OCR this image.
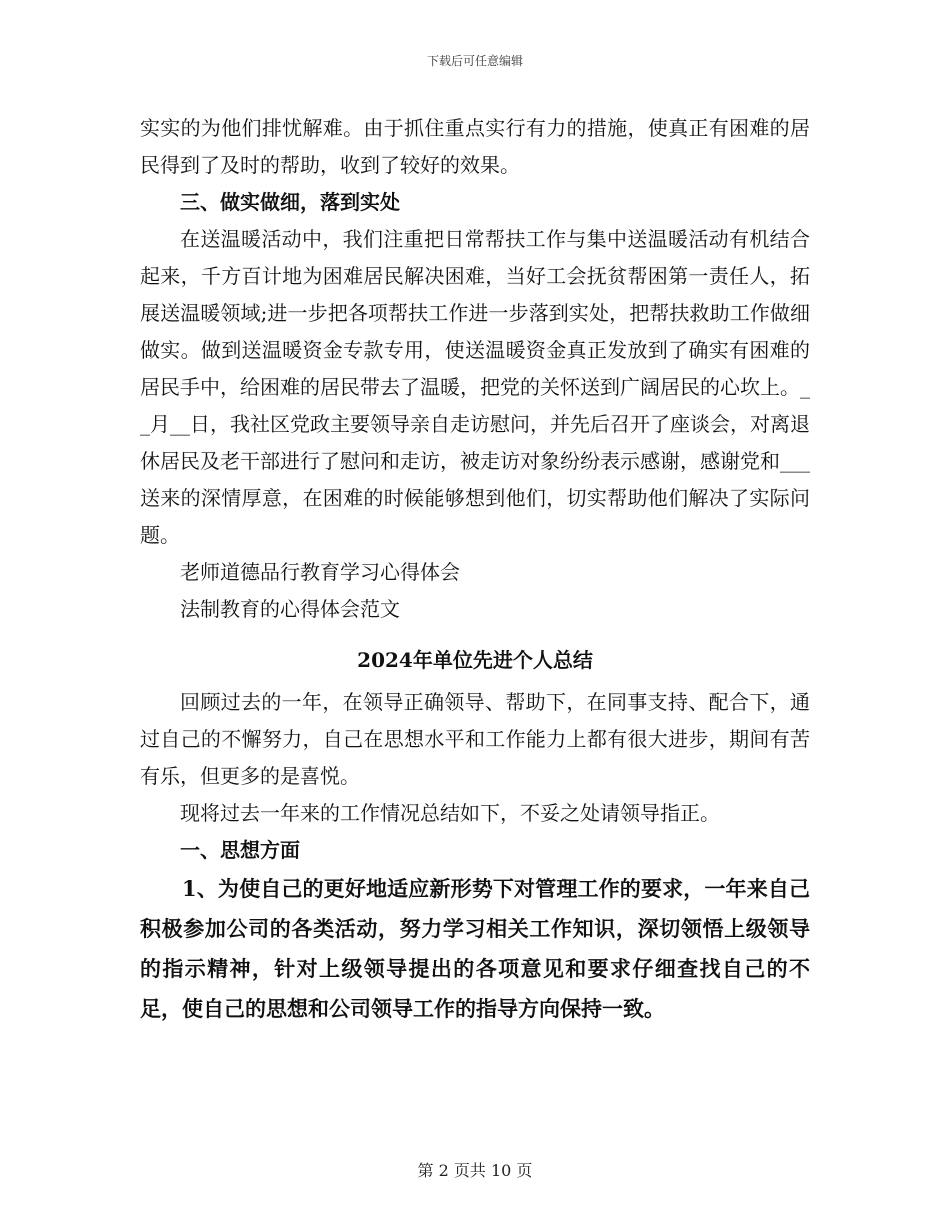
下载后可任意编辑

实实的为他们排忧解难。由于抓住重点实行有力的措施，使真正有困难的居民得到了及时的帮助，收到了较好的效果。

三、做实做细，落到实处

在送温暖活动中，我们注重把日常帮扶工作与集中送温暖活动有机结合起来，千方百计地为困难居民解决困难，当好工会抚贫帮困第一责任人，拓展送温暖领域;进一步把各项帮扶工作进一步落到实处，把帮扶救助工作做细做实。做到送温暖资金专款专用，使送温暖资金真正发放到了确实有困难的居民手中，给困难的居民带去了温暖，把党的关怀送到广阔居民的心坎上。__月__日，我社区党政主要领导亲自走访慰问，并先后召开了座谈会，对离退休居民及老干部进行了慰问和走访，被走访对象纷纷表示感谢，感谢党和___送来的深情厚意，在困难的时候能够想到他们，切实帮助他们解决了实际问题。

老师道德品行教育学习心得体会

法制教育的心得体会范文

2024年单位先进个人总结

回顾过去的一年，在领导正确领导、帮助下，在同事支持、配合下，通过自己的不懈努力，自己在思想水平和工作能力上都有很大进步，期间有苦有乐，但更多的是喜悦。

现将过去一年来的工作情况总结如下，不妥之处请领导指正。

一、思想方面

1、为使自己的更好地适应新形势下对管理工作的要求，一年来自己积极参加公司的各类活动，努力学习相关工作知识，深切领悟上级领导的指示精神，针对上级领导提出的各项意见和要求仔细查找自己的不足，使自己的思想和公司领导工作的指导方向保持一致。

第 2 页共 10 页
